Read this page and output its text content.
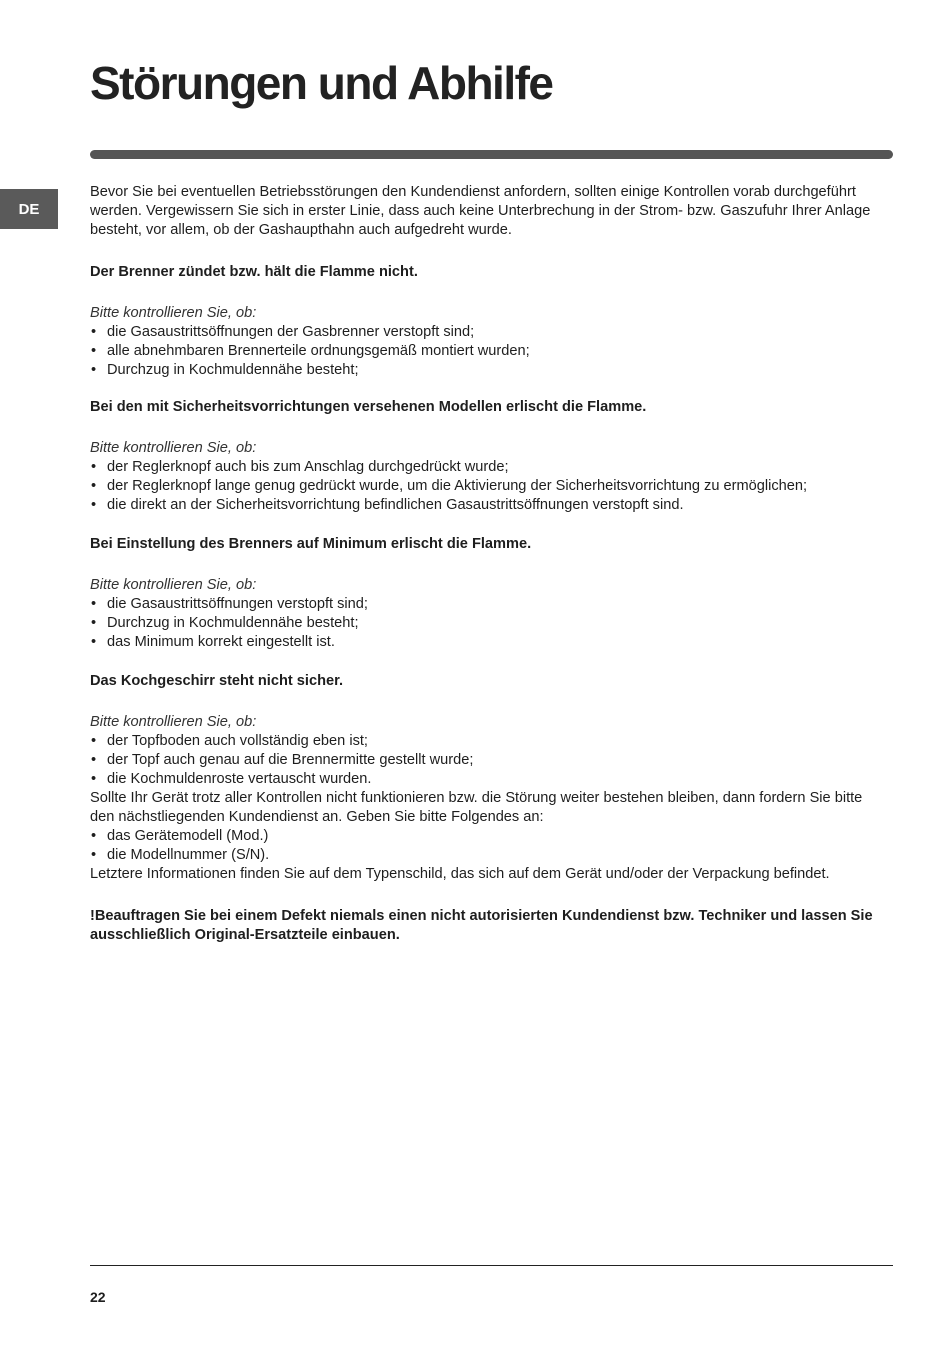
Störungen und Abhilfe
DE

Bevor Sie bei eventuellen Betriebsstörungen den Kundendienst anfordern, sollten einige Kontrollen vorab durchgeführt werden. Vergewissern Sie sich in erster Linie, dass auch keine Unterbrechung in der Strom- bzw. Gaszufuhr Ihrer Anlage besteht, vor allem, ob der Gashaupthahn auch aufgedreht wurde.

Der Brenner zündet bzw. hält die Flamme nicht.

Bitte kontrollieren Sie, ob:

• die Gasaustrittsöffnungen der Gasbrenner verstopft sind;
• alle abnehmbaren Brennerteile ordnungsgemäß montiert wurden;
• Durchzug in Kochmuldennähe besteht;

Bei den mit Sicherheitsvorrichtungen versehenen Modellen erlischt die Flamme.

Bitte kontrollieren Sie, ob:

• der Reglerknopf auch bis zum Anschlag durchgedrückt wurde;
• der Reglerknopf lange genug gedrückt wurde, um die Aktivierung der Sicherheitsvorrichtung zu ermöglichen;
• die direkt an der Sicherheitsvorrichtung befindlichen Gasaustrittsöffnungen verstopft sind.

Bei Einstellung des Brenners auf Minimum erlischt die Flamme.

Bitte kontrollieren Sie, ob:

• die Gasaustrittsöffnungen verstopft sind;
• Durchzug in Kochmuldennähe besteht;
• das Minimum korrekt eingestellt ist.

Das Kochgeschirr steht nicht sicher.

Bitte kontrollieren Sie, ob:

• der Topfboden auch vollständig eben ist;
• der Topf auch genau auf die Brennermitte gestellt wurde;
• die Kochmuldenroste vertauscht wurden.

Sollte Ihr Gerät trotz aller Kontrollen nicht funktionieren bzw. die Störung weiter bestehen bleiben, dann fordern Sie bitte den nächstliegenden Kundendienst an. Geben Sie bitte Folgendes an:

• das Gerätemodell (Mod.)
• die Modellnummer (S/N).

Letztere Informationen finden Sie auf dem Typenschild, das sich auf dem Gerät und/oder der Verpackung befindet.

!Beauftragen Sie bei einem Defekt niemals einen nicht autorisierten Kundendienst bzw. Techniker und lassen Sie ausschließlich Original-Ersatzteile einbauen.

22
